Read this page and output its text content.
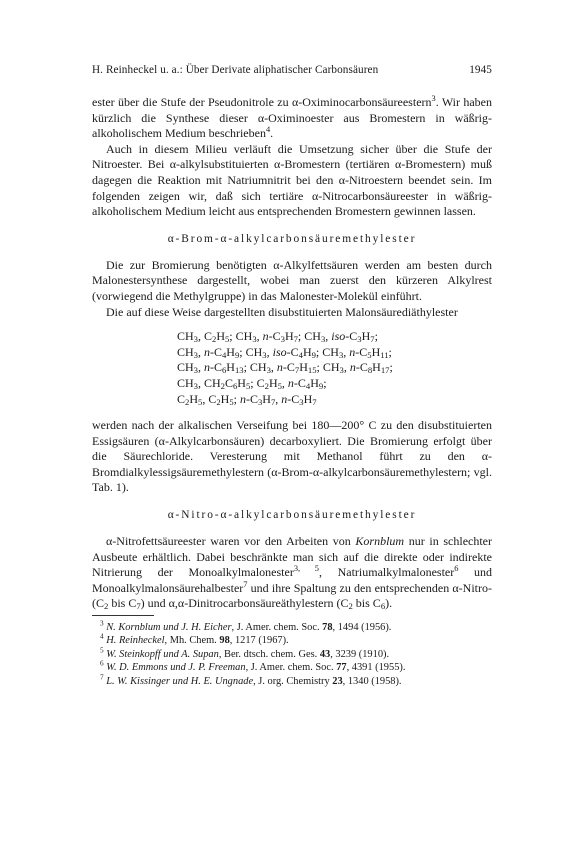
H. Reinheckel u. a.: Über Derivate aliphatischer Carbonsäuren	1945

ester über die Stufe der Pseudonitrole zu α-Oximinocarbonsäureestern$^3$. Wir haben kürzlich die Synthese dieser α-Oximinoester aus Bromestern in wäßrig-alkoholischem Medium beschrieben$^4$.

Auch in diesem Milieu verläuft die Umsetzung sicher über die Stufe der Nitroester. Bei α-alkylsubstituierten α-Bromestern (tertiären α-Bromestern) muß dagegen die Reaktion mit Natriumnitrit bei den α-Nitroestern beendet sein. Im folgenden zeigen wir, daß sich tertiäre α-Nitrocarbonsäureester in wäßrig-alkoholischem Medium leicht aus entsprechenden Bromestern gewinnen lassen.

α-Brom-α-alkylcarbonsäuremethylester

Die zur Bromierung benötigten α-Alkylfettsäuren werden am besten durch Malonestersynthese dargestellt, wobei man zuerst den kürzeren Alkylrest (vorwiegend die Methylgruppe) in das Malonester-Molekül einführt.

Die auf diese Weise dargestellten disubstituierten Malonsäurediäthylester

$CH_3$, $C_2H_5$; $CH_3$, $n-C_3H_7$; $CH_3$, iso-$C_3H_7$;
$CH_3$, $n-C_4H_9$; $CH_3$, iso-$C_4H_9$; $CH_3$, $n-C_5H_{11}$;
$CH_3$, $n-C_6H_{13}$; $CH_3$, $n-C_7H_{15}$; $CH_3$, $n-C_8H_{17}$;
$CH_3$, $CH_2C_6H_5$; $C_2H_5$, $n-C_4H_9$;
$C_2H_5$, $C_2H_5$; $n-C_3H_7$, $n-C_3H_7$

werden nach der alkalischen Verseifung bei 180—200° C zu den disubstituierten Essigsäuren (α-Alkylcarbonsäuren) decarboxyliert. Die Bromierung erfolgt über die Säurechloride. Veresterung mit Methanol führt zu den α-Bromdialkylessigsäuremethylestern (α-Brom-α-alkylcarbonsäuremethylestern; vgl. Tab. 1).

α-Nitro-α-alkylcarbonsäuremethylester

α-Nitrofettsäureester waren vor den Arbeiten von Kornblum nur in schlechter Ausbeute erhältlich. Dabei beschränkte man sich auf die direkte oder indirekte Nitrierung der Monoalkylmalonester$^{3, 5}$, Natriumalkylmalonester$^6$ und Monoalkylmalonsäurehalbester$^7$ und ihre Spaltung zu den entsprechenden α-Nitro- ($C_2$ bis $C_7$) und α,α-Dinitrocarbonsäureäthylestern ($C_2$ bis $C_6$).

$^3$ N. Kornblum und J. H. Eicher, J. Amer. chem. Soc. 78, 1494 (1956).

$^4$ H. Reinheckel, Mh. Chem. 98, 1217 (1967).

$^5$ W. Steinkopff und A. Supan, Ber. dtsch. chem. Ges. 43, 3239 (1910).

$^6$ W. D. Emmons und J. P. Freeman, J. Amer. chem. Soc. 77, 4391 (1955).

$^7$ L. W. Kissinger und H. E. Ungnade, J. org. Chemistry 23, 1340 (1958).
